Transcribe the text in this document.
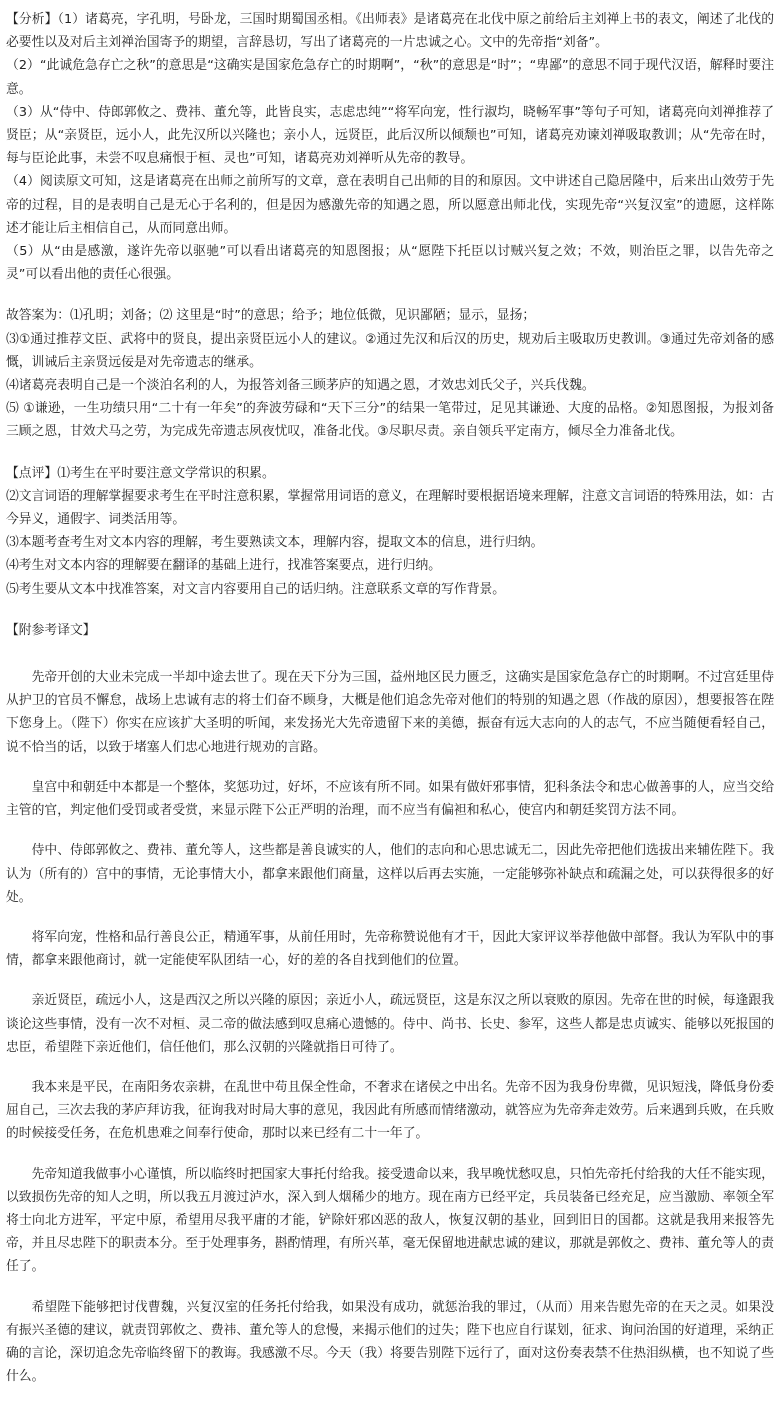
【分析】（1）诸葛亮，字孔明，号卧龙，三国时期蜀国丞相。《出师表》是诸葛亮在北伐中原之前给后主刘禅上书的表文，阐述了北伐的必要性以及对后主刘禅治国寄予的期望，言辞恳切，写出了诸葛亮的一片忠诚之心。文中的先帝指“刘备”。

（2）“此诚危急存亡之秋”的意思是“这确实是国家危急存亡的时期啊”，“秋”的意思是“时”；“卑鄙”的意思不同于现代汉语，解释时要注意。

（3）从“侍中、侍郎郭攸之、费祎、董允等，此皆良实，志虑忠纯”“将军向宠，性行淑均，晓畅军事”等句子可知，诸葛亮向刘禅推荐了贤臣；从“亲贤臣，远小人，此先汉所以兴隆也；亲小人，远贤臣，此后汉所以倾颓也”可知，诸葛亮劝谏刘禅吸取教训；从“先帝在时，每与臣论此事，未尝不叹息痛恨于桓、灵也”可知，诸葛亮劝刘禅听从先帝的教导。

（4）阅读原文可知，这是诸葛亮在出师之前所写的文章，意在表明自己出师的目的和原因。文中讲述自己隐居隆中，后来出山效劳于先帝的过程，目的是表明自己是无心于名利的，但是因为感激先帝的知遇之恩，所以愿意出师北伐，实现先帝“兴复汉室”的遗愿，这样陈述才能让后主相信自己，从而同意出师。

（5）从“由是感激，遂许先帝以驱驰”可以看出诸葛亮的知恩图报；从“愿陛下托臣以讨贼兴复之效；不效，则治臣之罪，以告先帝之灵”可以看出他的责任心很强。

故答案为：⑴孔明；刘备；⑵ 这里是“时”的意思；给予；地位低微，见识鄙陋；显示，显扬；

⑶①通过推荐文臣、武将中的贤良，提出亲贤臣远小人的建议。②通过先汉和后汉的历史，规劝后主吸取历史教训。③通过先帝刘备的感慨，训诫后主亲贤远佞是对先帝遗志的继承。

⑷诸葛亮表明自己是一个淡泊名利的人，为报答刘备三顾茅庐的知遇之恩，才效忠刘氏父子，兴兵伐魏。

⑸ ①谦逊，一生功绩只用“二十有一年矣”的奔波劳碌和“天下三分”的结果一笔带过，足见其谦逊、大度的品格。②知恩图报，为报刘备三顾之恩，甘效犬马之劳，为完成先帝遗志夙夜忧叹，准备北伐。③尽职尽责。亲自领兵平定南方，倾尽全力准备北伐。

【点评】⑴考生在平时要注意文学常识的积累。

⑵文言词语的理解掌握要求考生在平时注意积累，掌握常用词语的意义，在理解时要根据语境来理解，注意文言词语的特殊用法，如：古今异义，通假字、词类活用等。

⑶本题考查考生对文本内容的理解，考生要熟读文本，理解内容，提取文本的信息，进行归纳。

⑷考生对文本内容的理解要在翻译的基础上进行，找准答案要点，进行归纳。

⑸考生要从文本中找准答案，对文言内容要用自己的话归纳。注意联系文章的写作背景。

【附参考译文】

先帝开创的大业未完成一半却中途去世了。现在天下分为三国，益州地区民力匮乏，这确实是国家危急存亡的时期啊。不过宫廷里侍从护卫的官员不懈怠，战场上忠诚有志的将士们奋不顾身，大概是他们追念先帝对他们的特别的知遇之恩（作战的原因），想要报答在陛下您身上。（陛下）你实在应该扩大圣明的听闻，来发扬光大先帝遗留下来的美德，振奋有远大志向的人的志气，不应当随便看轻自己，说不恰当的话，以致于堵塞人们忠心地进行规劝的言路。

皇宫中和朝廷中本都是一个整体，奖惩功过，好坏，不应该有所不同。如果有做奸邪事情，犯科条法令和忠心做善事的人，应当交给主管的官，判定他们受罚或者受赏，来显示陛下公正严明的治理，而不应当有偏袒和私心，使宫内和朝廷奖罚方法不同。

侍中、侍郎郭攸之、费祎、董允等人，这些都是善良诚实的人，他们的志向和心思忠诚无二，因此先帝把他们选拔出来辅佐陛下。我认为（所有的）宫中的事情，无论事情大小，都拿来跟他们商量，这样以后再去实施，一定能够弥补缺点和疏漏之处，可以获得很多的好处。

将军向宠，性格和品行善良公正，精通军事，从前任用时，先帝称赞说他有才干，因此大家评议举荐他做中部督。我认为军队中的事情，都拿来跟他商讨，就一定能使军队团结一心，好的差的各自找到他们的位置。

亲近贤臣，疏远小人，这是西汉之所以兴隆的原因；亲近小人，疏远贤臣，这是东汉之所以衰败的原因。先帝在世的时候，每逢跟我谈论这些事情，没有一次不对桓、灵二帝的做法感到叹息痛心遗憾的。侍中、尚书、长史、参军，这些人都是忠贞诚实、能够以死报国的忠臣，希望陛下亲近他们，信任他们，那么汉朝的兴隆就指日可待了。

我本来是平民，在南阳务农亲耕，在乱世中苟且保全性命，不奢求在诸侯之中出名。先帝不因为我身份卑微，见识短浅，降低身份委屈自己，三次去我的茅庐拜访我，征询我对时局大事的意见，我因此有所感而情绪激动，就答应为先帝奔走效劳。后来遇到兵败，在兵败的时候接受任务，在危机患难之间奉行使命，那时以来已经有二十一年了。

先帝知道我做事小心谨慎，所以临终时把国家大事托付给我。接受遗命以来，我早晚忧愁叹息，只怕先帝托付给我的大任不能实现，以致损伤先帝的知人之明，所以我五月渡过泸水，深入到人烟稀少的地方。现在南方已经平定，兵员装备已经充足，应当激励、率领全军将士向北方进军，平定中原，希望用尽我平庸的才能，铲除奸邪凶恶的敌人，恢复汉朝的基业，回到旧日的国都。这就是我用来报答先帝，并且尽忠陛下的职责本分。至于处理事务，斟酌情理，有所兴革，毫无保留地进献忠诚的建议，那就是郭攸之、费祎、董允等人的责任了。

希望陛下能够把讨伐曹魏，兴复汉室的任务托付给我，如果没有成功，就惩治我的罪过，（从而）用来告慰先帝的在天之灵。如果没有振兴圣德的建议，就责罚郭攸之、费祎、董允等人的怠慢，来揭示他们的过失；陛下也应自行谋划，征求、询问治国的好道理，采纳正确的言论，深切追念先帝临终留下的教诲。我感激不尽。今天（我）将要告别陛下远行了，面对这份奏表禁不住热泪纵横，也不知说了些什么。
